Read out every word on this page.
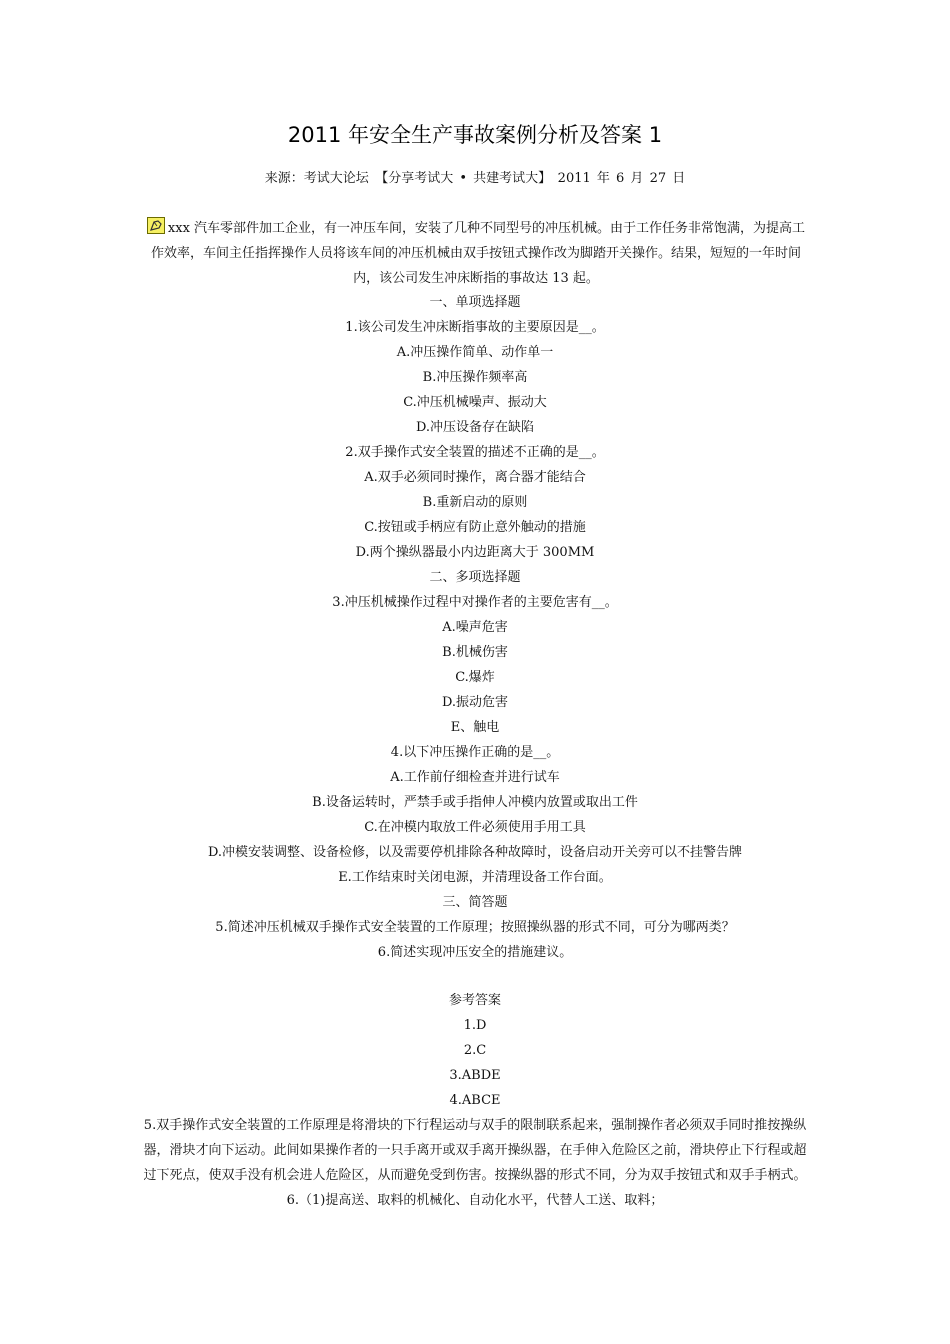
2011 年安全生产事故案例分析及答案 1
来源：考试大论坛　【分享考试大 • 共建考试大】　2011 年 6 月 27 日
xxx 汽车零部件加工企业，有一冲压车间，安装了几种不同型号的冲压机械。由于工作任务非常饱满，为提高工作效率，车间主任指挥操作人员将该车间的冲压机械由双手按钮式操作改为脚踏开关操作。结果，短短的一年时间内，该公司发生冲床断指的事故达 13 起。
一、单项选择题
1.该公司发生冲床断指事故的主要原因是__。
A.冲压操作简单、动作单一
B.冲压操作频率高
C.冲压机械噪声、振动大
D.冲压设备存在缺陷
2.双手操作式安全装置的描述不正确的是__。
A.双手必须同时操作，离合器才能结合
B.重新启动的原则
C.按钮或手柄应有防止意外触动的措施
D.两个操纵器最小内边距离大于 300MM
二、多项选择题
3.冲压机械操作过程中对操作者的主要危害有__。
A.噪声危害
B.机械伤害
C.爆炸
D.振动危害
E、触电
4.以下冲压操作正确的是__。
A.工作前仔细检查并进行试车
B.设备运转时，严禁手或手指伸人冲模内放置或取出工件
C.在冲模内取放工件必须使用手用工具
D.冲模安装调整、设备检修，以及需要停机排除各种故障时，设备启动开关旁可以不挂警告牌
E.工作结束时关闭电源，并清理设备工作台面。
三、简答题
5.简述冲压机械双手操作式安全装置的工作原理；按照操纵器的形式不同，可分为哪两类？
6.简述实现冲压安全的措施建议。
参考答案
1.D
2.C
3.ABDE
4.ABCE
5.双手操作式安全装置的工作原理是将滑块的下行程运动与双手的限制联系起来，强制操作者必须双手同时推按操纵器，滑块才向下运动。此间如果操作者的一只手离开或双手离开操纵器，在手伸入危险区之前，滑块停止下行程或超过下死点，使双手没有机会进人危险区，从而避免受到伤害。按操纵器的形式不同，分为双手按钮式和双手手柄式。
6.（1)提高送、取料的机械化、自动化水平，代替人工送、取料；
